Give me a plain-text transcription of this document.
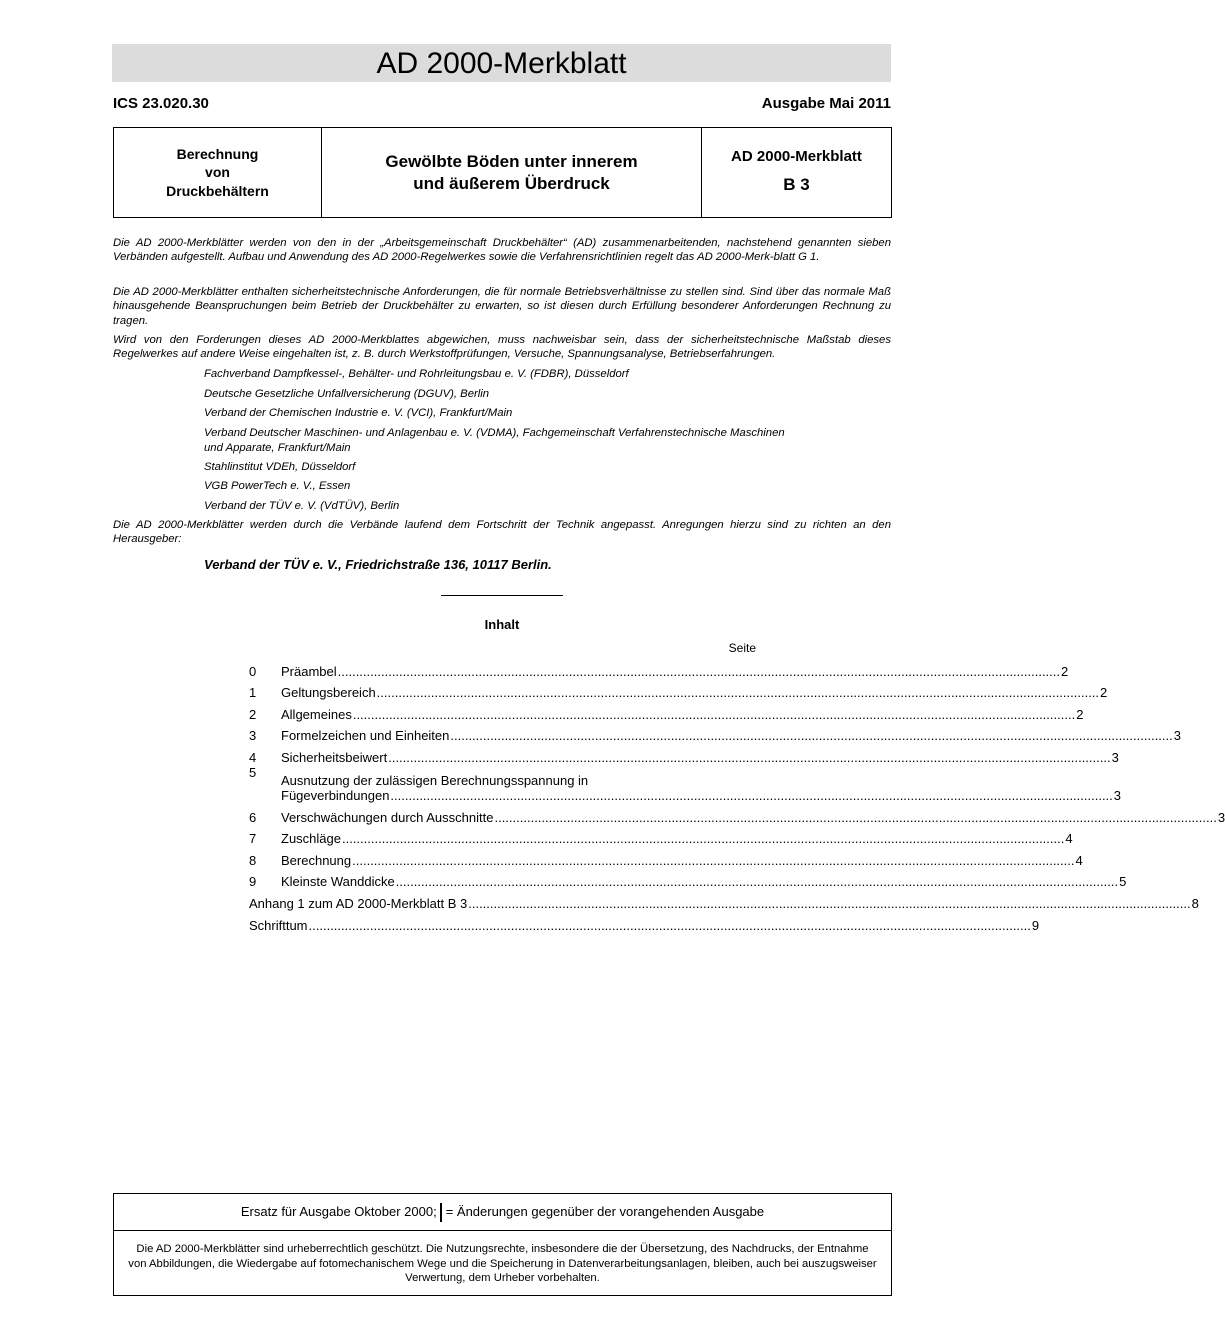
AD 2000-Merkblatt
ICS 23.020.30	Ausgabe Mai 2011
Berechnung
von
Druckbehältern
Gewölbte Böden unter innerem
und äußerem Überdruck
AD 2000-Merkblatt
B 3
Die AD 2000-Merkblätter werden von den in der „Arbeitsgemeinschaft Druckbehälter“ (AD) zusammenarbeitenden, nachstehend genannten sieben Verbänden aufgestellt. Aufbau und Anwendung des AD 2000-Regelwerkes sowie die Verfahrensrichtlinien regelt das AD 2000-Merk-blatt G 1.
Die AD 2000-Merkblätter enthalten sicherheitstechnische Anforderungen, die für normale Betriebsverhältnisse zu stellen sind. Sind über das normale Maß hinausgehende Beanspruchungen beim Betrieb der Druckbehälter zu erwarten, so ist diesen durch Erfüllung besonderer Anforderungen Rechnung zu tragen.
Wird von den Forderungen dieses AD 2000-Merkblattes abgewichen, muss nachweisbar sein, dass der sicherheitstechnische Maßstab dieses Regelwerkes auf andere Weise eingehalten ist, z. B. durch Werkstoffprüfungen, Versuche, Spannungsanalyse, Betriebserfahrungen.
Fachverband Dampfkessel-, Behälter- und Rohrleitungsbau e. V. (FDBR), Düsseldorf
Deutsche Gesetzliche Unfallversicherung (DGUV), Berlin
Verband der Chemischen Industrie e. V. (VCI), Frankfurt/Main
Verband Deutscher Maschinen- und Anlagenbau e. V. (VDMA), Fachgemeinschaft Verfahrenstechnische Maschinen
und Apparate, Frankfurt/Main
Stahlinstitut VDEh, Düsseldorf
VGB PowerTech e. V., Essen
Verband der TÜV e. V. (VdTÜV), Berlin
Die AD 2000-Merkblätter werden durch die Verbände laufend dem Fortschritt der Technik angepasst. Anregungen hierzu sind zu richten an den Herausgeber:
Verband der TÜV e. V., Friedrichstraße 136, 10117 Berlin.
Inhalt
Seite
0	Präambel ........................................................................................................................................................................................................ 2
1	Geltungsbereich ........................................................................................................................................................................................................ 2
2	Allgemeines ........................................................................................................................................................................................................ 2
3	Formelzeichen und Einheiten ........................................................................................................................................................................................................ 3
4	Sicherheitsbeiwert ........................................................................................................................................................................................................ 3
5
Ausnutzung der zulässigen Berechnungsspannung in
Fügeverbindungen ........................................................................................................................................................................................................ 3
6	Verschwächungen durch Ausschnitte ........................................................................................................................................................................................................ 3
7	Zuschläge ........................................................................................................................................................................................................ 4
8	Berechnung ........................................................................................................................................................................................................ 4
9	Kleinste Wanddicke ........................................................................................................................................................................................................ 5
Anhang 1 zum AD 2000-Merkblatt B 3 ........................................................................................................................................................................................................ 8
Schrifttum ........................................................................................................................................................................................................ 9
Ersatz für Ausgabe Oktober 2000; = Änderungen gegenüber der vorangehenden Ausgabe
Die AD 2000-Merkblätter sind urheberrechtlich geschützt. Die Nutzungsrechte, insbesondere die der Übersetzung, des Nachdrucks, der Entnahme von Abbildungen, die Wiedergabe auf fotomechanischem Wege und die Speicherung in Datenverarbeitungsanlagen, bleiben, auch bei auszugsweiser Verwertung, dem Urheber vorbehalten.
